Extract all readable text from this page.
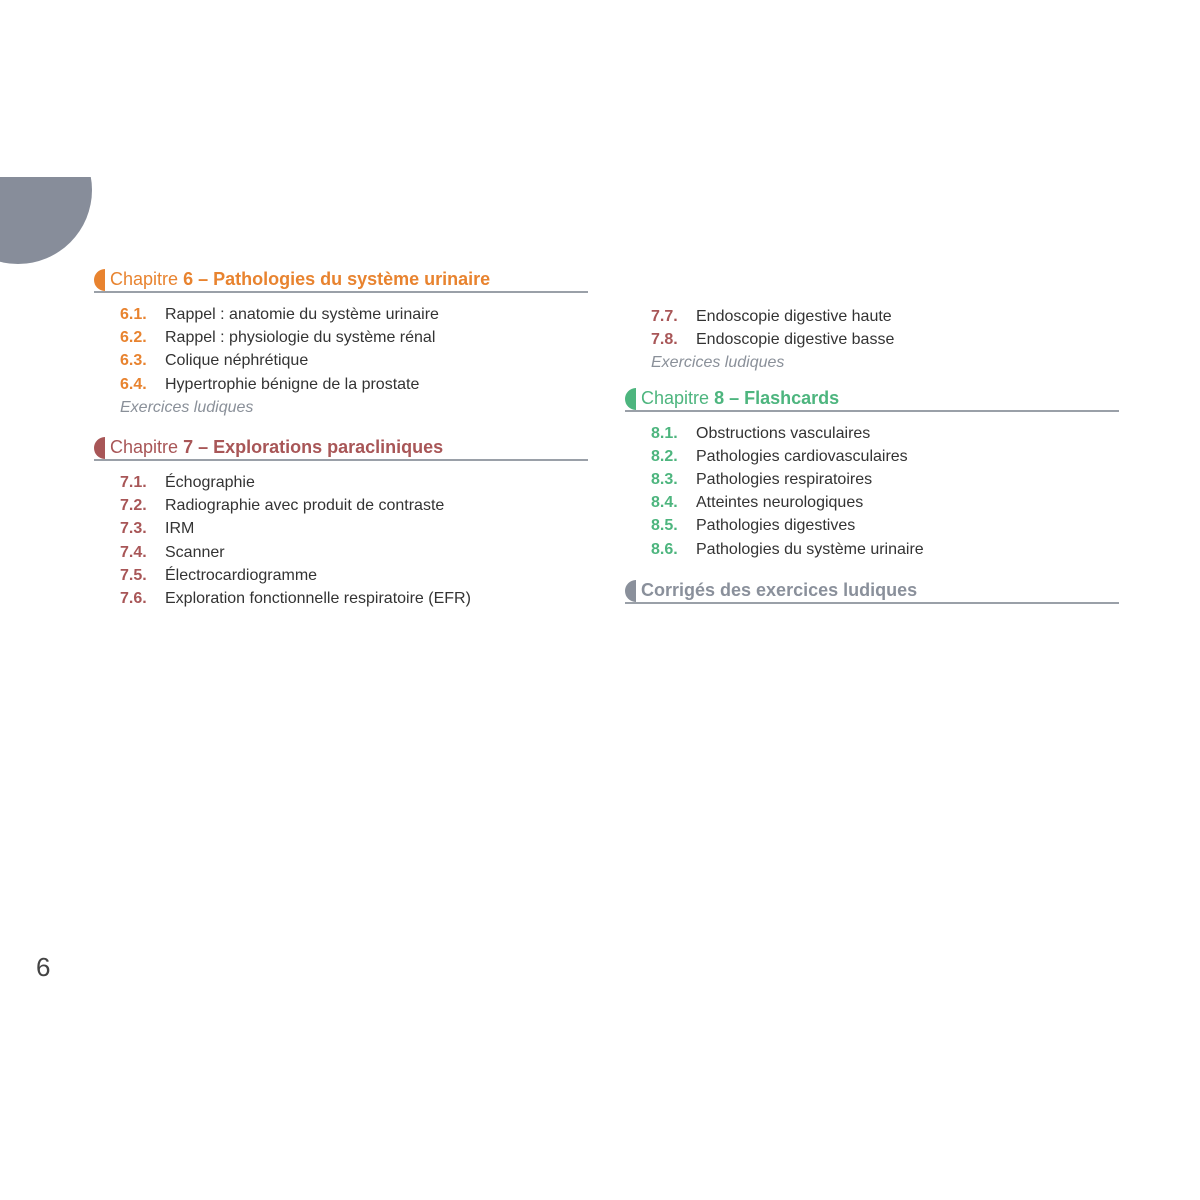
Chapitre 6 – Pathologies du système urinaire
6.1. Rappel : anatomie du système urinaire
6.2. Rappel : physiologie du système rénal
6.3. Colique néphrétique
6.4. Hypertrophie bénigne de la prostate
Exercices ludiques
Chapitre 7 – Explorations paracliniques
7.1. Échographie
7.2. Radiographie avec produit de contraste
7.3. IRM
7.4. Scanner
7.5. Électrocardiogramme
7.6. Exploration fonctionnelle respiratoire (EFR)
7.7. Endoscopie digestive haute
7.8. Endoscopie digestive basse
Exercices ludiques
Chapitre 8 – Flashcards
8.1. Obstructions vasculaires
8.2. Pathologies cardiovasculaires
8.3. Pathologies respiratoires
8.4. Atteintes neurologiques
8.5. Pathologies digestives
8.6. Pathologies du système urinaire
Corrigés des exercices ludiques
6
